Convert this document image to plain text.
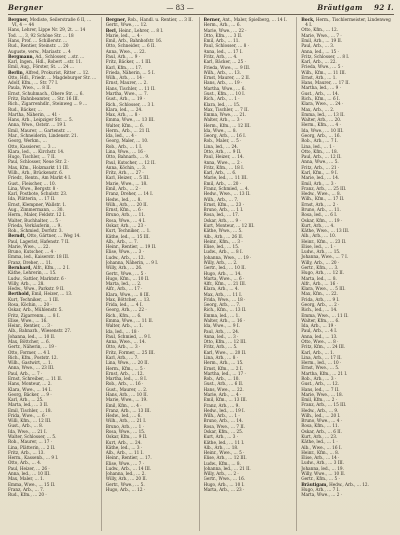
Bergner	— 83 —	Bräutigam 92 I.
Bergner, Modiste, Seilerstraße 6 II, … VI, 4 ··· 44
Hans, Lehrer, Lippe Nr. 29, 2t. … 14
Tod. …, 3, 92 Schöne Str. … 18
Hans, Prof. … Schillerstr. …
Rud., Rentier, Steinstr. … 20
Auguste, verw., Mariastr. … 4
Bergmann, Ad., Schlosser, …str. …
Karl, Ingen., Hdl., Robert …str. 11.
Emil, Aug., Förster, St. … 24 …
Berlin, Alfred, Prokurist, Ritter … 12.
Otto, Hdl., Friedr. … Magdeburger Str. …
Adolf, Kfm., … Str. 77 I.
Paula, Wwe., … 8 II.
Ernst, Schuhmach., Obere Str. … 6.
Fritz, Bahnbeamter, … Str. 16 III.
Rich., Zigarrenhdlr., Steinweg … 9 …
Rud., Bäcker, …
Martha, Näherin, … 41 ·
Hans, Arb., Leipziger Str. … 5.
Anna, Wwe., Oststr. … 19 I.
Emil, Maurer, … Gartenstr. …
Mar., Schneiderin, Lindenstr. 21.
Georg, Werkm., …
Otto, Kassierer, … 3 …
Klara, led., … Kirchstr. 14.
Hugo, Tischler, … 7 II.
Paul, Schlosser, Neue Str. 2 ·
Max, Kfm., Holzmarkt 11 III.
Wilh., Arb., Brückenstr. 6.
Friedr., Rentn., Am Markt 4 I.
Gust., Fleischer, … 10.
Lina, Wwe., Bergstr. 8 ·
Karl, Postbote, Schulstr. 23.
Ida, Plätterin, … 17 II.
Ernst, Klempner, Wallstr. 1.
Aug., Zimmermann, … 30.
Herm., Maler, Feldstr. 12 I.
Walter, Buchhalter, … 5 ·
Frieda, Verkäuferin, … 9.
Rob., Schmied, Dorfstr. 3.
Berndt, Otto, Gärtner, … Weg 14.
Paul, Lagerist, Hafenstr. 7 II.
Marie, Wwe., … 22.
Bruno, Kutscher, … 4 ·
Emma, led., Kaiserstr. 18 III.
Franz, Dreher, … 11.
Bernhard, Alfr., Kfm., … 2 I.
Käthe, Lehrerin, … 15.
Ludw., Sattler, Marktstr. 6 ·
Willy, Arb., … 28.
Hedw., Wwe., Parkstr. 9 II.
Berthold, Emil, Heizer, … 13.
Kurt, Techniker, … 1 III.
Rosa, Köchin, … 20 ·
Oskar, Arb., Mühlenstr. 5.
Fritz, Zigarrenm., … 8 I.
Elise, Wwe., … 16.
Heinr., Rentier, … 3 ·
Alb., Bahnarb., Wiesenstr. 27.
Johanna, led., … 10 II.
Max, Böttcher, … 6.
Gertr., Näherin, … 19 ·
Otto, Former, … 4 I.
Rich., Kfm., Poststr. 12.
Wilh., Gastwirt, … 1.
Anna, Wwe., … 23 III.
Paul, Arb., … 7 ·
Ernst, Schreiber, … 11 II.
Hans, Monteur, … 2.
Klara, Wwe., … 14 I.
Georg, Bäcker, … 9 ·
Karl, Arb., … 25.
Marta, led., … 3 II.
Emil, Tischler, … 18.
Frida, Wwe., … 6 ·
Willi, Kfm., … 12 III.
Gust., Arb., … 8.
Ida, Wwe., … 21 I.
Walter, Schlosser, … 5.
Rob., Maurer, … 17 ·
Lina, Plätterin, … 2 II.
Fritz, Arb., … 13.
Herm., Kassenb., … 9 I.
Otto, Arb., … 4.
Paul, Heizer, … 26 ·
Anna, led., … 10 III.
Max, Maler, … 1.
Emma, Wwe., … 15 II.
Franz, Arb., … 7.
Rud., Kfm., … 20 ·
Bergner, Rob., Handl. u. Rentier, … 3 II.
Gertr., Wwe., … 12.
Berl, Heinr., Lehrer, … 8 I.
Marie, led., … 4 ·
Emil, Arb., Bahnhofstr. 16.
Otto, Schneider, … 6 II.
Anna, Wwe., … 22.
Paul, Arb., … 9 ·
Fritz, Bäcker, … 1 III.
Karl, Kfm., … 17.
Frieda, Näherin, … 5 I.
Wilh., Arb., … 14 ·
Ernst, Maurer, … 2.
Hans, Tischler, … 11 II.
Martha, Wwe., … 7.
Gust., Arb., … 19 ·
Rich., Schlosser, … 3 I.
Klara, led., … 24.
Max, Arb., … 8 ·
Emma, Wwe., … 13 III.
Walter, Kfm., … 6.
Herm., Arb., … 21 II.
Ida, led., … 4 ·
Georg, Maler, … 10.
Rob., Arb., … 1 I.
Lina, Wwe., … 16 ·
Otto, Bahnarb., … 9.
Paul, Kutscher, … 12 II.
Anna, Köchin, … 3.
Fritz, Arb., … 27 ·
Karl, Heizer, … 5 III.
Marie, Wwe., … 18.
Emil, Arb., … 2 ·
Franz, Dreher, … 14 I.
Hedw., led., … 8.
Wilh., Arb., … 20 II.
Ernst, Kfm., … 6 ·
Bruno, Arb., … 11.
Rosa, Wwe., … 4 I.
Oskar, Arb., … 23 ·
Kurt, Techniker, … 1.
Käthe, led., … 15 III.
Alb., Arb., … 7.
Heinr., Rentier, … 19 II.
Elise, Wwe., … 3 ·
Ludw., Arb., … 12.
Johanna, Näherin, … 9 I.
Willy, Arb., … 26.
Gertr., Wwe., … 5 ·
Hugo, Kfm., … 10 II.
Marta, led., … 2.
Alfr., Arb., … 17 ·
Klara, Wwe., … 8 III.
Max, Böttcher, … 13.
Frida, led., … 4 I.
Georg, Arb., … 22 ·
Rich., Kfm., … 6.
Emma, Wwe., … 11 II.
Walter, Arb., … 1.
Ida, led., … 18 ·
Paul, Schmied, … 9 I.
Anna, Wwe., … 14.
Otto, Arb., … 3 ·
Fritz, Former, … 25 III.
Karl, Arb., … 7.
Lina, Wwe., … 20 II.
Herm., Kfm., … 5 ·
Ernst, Arb., … 12.
Martha, led., … 8 I.
Rob., Arb., … 16 ·
Gust., Maurer, … 2.
Hans, Arb., … 10 II.
Marie, Wwe., … 19.
Emil, Kfm., … 4 ·
Franz, Arb., … 13 III.
Hedw., led., … 6.
Wilh., Arb., … 21 I.
Bruno, Arb., … 1 ·
Rosa, Wwe., … 15.
Oskar, Kfm., … 9 II.
Kurt, Arb., … 24.
Käthe, led., … 3 ·
Alb., Arb., … 11 I.
Heinr., Rentier, … 17.
Elise, Wwe., … 7 ·
Ludw., Arb., … 14 III.
Johanna, led., … 2.
Willy, Arb., … 20 II.
Gertr., Wwe., … 5.
Hugo, Arb., … 12 ·
Berner, Ant., Maler, Spielberg, … 14 I.
Herm., Arb., … 6.
Marie, Wwe., … 22 ·
Otto, Kfm., … 3 II.
Emil, Arb., … 11.
Paul, Schlosser, … 8 ·
Anna, led., … 17 I.
Fritz, Arb., … 4.
Karl, Bäcker, … 25 ·
Frieda, Wwe., … 9 III.
Wilh., Arb., … 13.
Ernst, Maurer, … 2 II.
Hans, Arb., … 19 ·
Martha, Wwe., … 6.
Gust., Kfm., … 10 I.
Rich., Arb., … 1 ·
Klara, led., … 15.
Max, Tischler, … 7 II.
Emma, Wwe., … 21.
Walter, Arb., … 3 ·
Herm., Kfm., … 12 III.
Ida, Wwe., … 8.
Georg, Arb., … 16 I.
Rob., Maler, … 5 ·
Lina, led., … 24.
Otto, Arb., … 9 II.
Paul, Heizer, … 14.
Anna, Wwe., … 2 ·
Fritz, Kfm., … 18 I.
Karl, Arb., … 6.
Marie, led., … 11 III.
Emil, Arb., … 20 ·
Franz, Schmied, … 4.
Hedw., Wwe., … 13 II.
Wilh., Arb., … 7.
Ernst, Kfm., … 23 ·
Bruno, Arb., … 1 I.
Rosa, led., … 17.
Oskar, Arb., … 9 ·
Kurt, Monteur, … 12 III.
Käthe, Wwe., … 5.
Alb., Arb., … 26 II.
Heinr., Kfm., … 3 ·
Elise, led., … 15.
Ludw., Arb., … 8 I.
Johanna, Wwe., … 19 ·
Willy, Arb., … 2.
Gertr., led., … 10 II.
Hugo, Arb., … 14.
Marta, Wwe., … 6 ·
Alfr., Kfm., … 21 III.
Klara, Arb., … 4.
Max, Arb., … 11 I.
Frida, Wwe., … 18 ·
Georg, Arb., … 7.
Rich., Kfm., … 13 II.
Emma, led., … 1.
Walter, Arb., … 16 ·
Ida, Wwe., … 9 I.
Paul, Arb., … 24.
Anna, led., … 3 ·
Otto, Kfm., … 12 III.
Fritz, Arb., … 5.
Karl, Wwe., … 20 II.
Lina, Arb., … 8 ·
Herm., Arb., … 15.
Ernst, Kfm., … 2 I.
Martha, led., … 17 ·
Rob., Arb., … 10.
Gust., Arb., … 6 II.
Hans, Wwe., … 22.
Marie, Arb., … 4 ·
Emil, Kfm., … 13 III.
Franz, Arb., … 9.
Hedw., led., … 19 I.
Wilh., Arb., … 1 ·
Bruno, Arb., … 14.
Rosa, Wwe., … 7 II.
Oskar, Kfm., … 25.
Kurt, Arb., … 3 ·
Käthe, led., … 11 I.
Alb., Arb., … 18.
Heinr., Wwe., … 5 ·
Elise, Arb., … 12 III.
Ludw., Kfm., … 8.
Johanna, led., … 21 II.
Willy, Arb., … 2 ·
Gertr., Wwe., … 16.
Hugo, Arb., … 10 I.
Marta, Arb., … 23 ·
Bock, Herm., Tischlermeister, Lindenweg 4 I.
Otto, Kfm., … 12.
Marie, Wwe., … 7 ·
Emil, Arb., … 19 II.
Paul, Arb., … 3.
Anna, led., … 15 ·
Fritz, Schlosser, … 8 I.
Karl, Arb., … 22.
Frieda, Wwe., … 5 ·
Wilh., Kfm., … 11 III.
Ernst, Arb., … 1.
Hans, Maurer, … 17 II.
Martha, led., … 9 ·
Gust., Arb., … 14.
Rich., Kfm., … 6 I.
Klara, Wwe., … 24 ·
Max, Arb., … 2.
Emma, led., … 13 II.
Walter, Arb., … 20.
Herm., Kfm., … 4 ·
Ida, Wwe., … 10 III.
Georg, Arb., … 16.
Rob., Arb., … 7 I.
Lina, led., … 1 ·
Otto, Kfm., … 18.
Paul, Arb., … 12 II.
Anna, Wwe., … 5.
Fritz, Arb., … 21 ·
Karl, Kfm., … 9 I.
Marie, led., … 14.
Emil, Arb., … 3 ·
Franz, Arb., … 25 III.
Hedw., Wwe., … 8.
Wilh., Kfm., … 17 II.
Ernst, Arb., … 2 ·
Bruno, Arb., … 11.
Rosa, led., … 6 I.
Oskar, Kfm., … 19 ·
Kurt, Arb., … 4.
Käthe, Wwe., … 13 III.
Alb., Arb., … 10.
Heinr., Kfm., … 23 II.
Elise, led., … 1 ·
Ludw., Arb., … 15.
Johanna, Wwe., … 7 I.
Willy, Arb., … 20 ·
Gertr., Kfm., … 3.
Hugo, Arb., … 12 II.
Marta, led., … 8.
Alfr., Arb., … 16 ·
Klara, Wwe., … 5 III.
Max, Kfm., … 22.
Frida, Arb., … 9 I.
Georg, Arb., … 2 ·
Rich., led., … 14.
Emma, Wwe., … 11 II.
Walter, Kfm., … 6.
Ida, Arb., … 19 ·
Paul, Arb., … 4 I.
Anna, led., … 13.
Otto, Wwe., … 8 ·
Fritz, Kfm., … 24 III.
Karl, Arb., … 1.
Lina, Arb., … 17 II.
Herm., led., … 10 ·
Ernst, Wwe., … 5.
Martha, Kfm., … 21 I.
Rob., Arb., … 3 ·
Gust., Arb., … 12.
Hans, led., … 7 II.
Marie, Wwe., … 18.
Emil, Kfm., … 2 ·
Franz, Arb., … 15 III.
Hedw., Arb., … 9.
Wilh., led., … 20 I.
Bruno, Wwe., … 4 ·
Rosa, Kfm., … 11.
Oskar, Arb., … 6 II.
Kurt, Arb., … 23.
Käthe, led., … 1 ·
Alb., Wwe., … 16 I.
Heinr., Kfm., … 8.
Elise, Arb., … 14 ·
Ludw., Arb., … 3 III.
Johanna, led., … 19.
Willy, Wwe., … 10 II.
Gertr., Kfm., … 5 ·
Bräutigam, Hedw., Arb., … 12.
Hugo, Arb., … 7 I.
Marta, Wwe., … 2 ·
